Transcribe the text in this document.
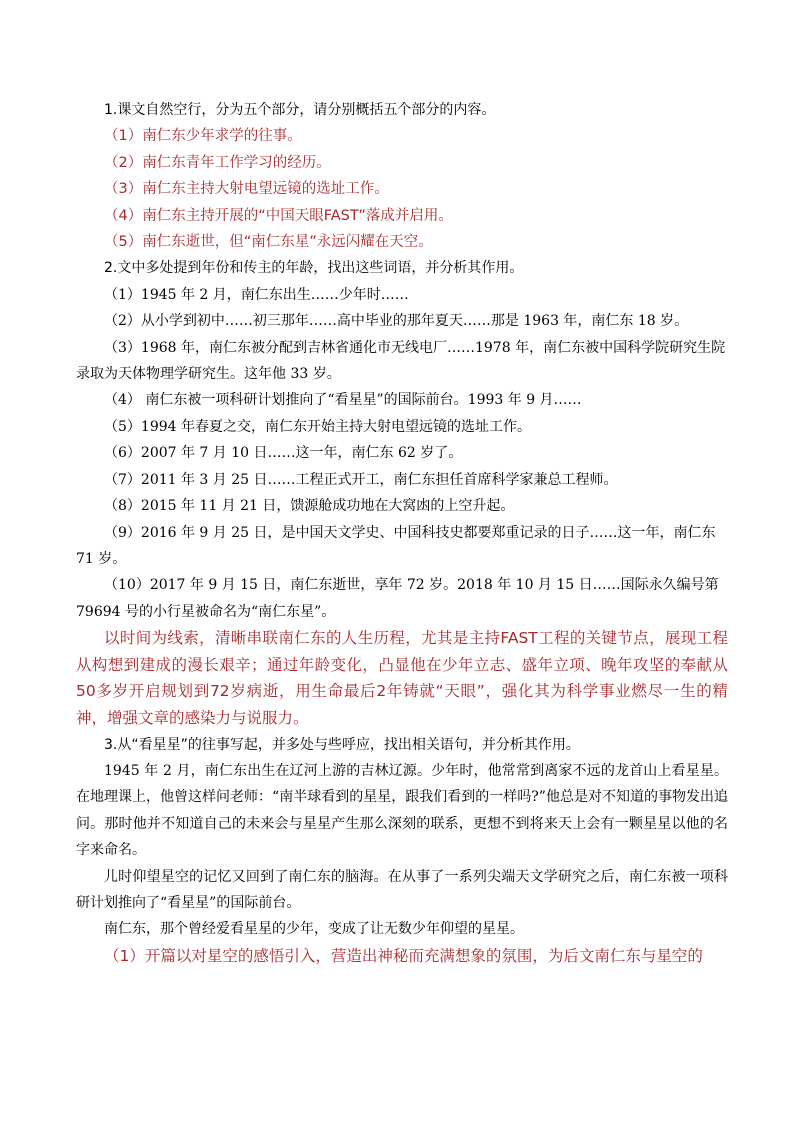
1.课文自然空行，分为五个部分，请分别概括五个部分的内容。

（1）南仁东少年求学的往事。

（2）南仁东青年工作学习的经历。

（3）南仁东主持大射电望远镜的选址工作。

（4）南仁东主持开展的“中国天眼FAST”落成并启用。

（5）南仁东逝世，但“南仁东星”永远闪耀在天空。

2.文中多处提到年份和传主的年龄，找出这些词语，并分析其作用。

（1）1945 年 2 月，南仁东出生……少年时……

（2）从小学到初中……初三那年……高中毕业的那年夏天……那是 1963 年，南仁东 18 岁。

（3）1968 年，南仁东被分配到吉林省通化市无线电厂……1978 年，南仁东被中国科学院研究生院录取为天体物理学研究生。这年他 33 岁。

（4） 南仁东被一项科研计划推向了“看星星”的国际前台。1993 年 9 月……

（5）1994 年春夏之交，南仁东开始主持大射电望远镜的选址工作。

（6）2007 年 7 月 10 日……这一年，南仁东 62 岁了。

（7）2011 年 3 月 25 日……工程正式开工，南仁东担任首席科学家兼总工程师。

（8）2015 年 11 月 21 日，馈源舱成功地在大窝凼的上空升起。

（9）2016 年 9 月 25 日，是中国天文学史、中国科技史都要郑重记录的日子……这一年，南仁东 71 岁。

（10）2017 年 9 月 15 日，南仁东逝世，享年 72 岁。2018 年 10 月 15 日……国际永久编号第 79694 号的小行星被命名为“南仁东星”。

以时间为线索，清晰串联南仁东的人生历程，尤其是主持FAST工程的关键节点，展现工程从构想到建成的漫长艰辛；通过年龄变化，凸显他在少年立志、盛年立项、晚年攻坚的奉献从50多岁开启规划到72岁病逝，用生命最后2年铸就“天眼”，强化其为科学事业燃尽一生的精神，增强文章的感染力与说服力。

3.从“看星星”的往事写起，并多处与些呼应，找出相关语句，并分析其作用。

1945 年 2 月，南仁东出生在辽河上游的吉林辽源。少年时，他常常到离家不远的龙首山上看星星。在地理课上，他曾这样问老师：“南半球看到的星星，跟我们看到的一样吗?”他总是对不知道的事物发出追问。那时他并不知道自己的未来会与星星产生那么深刻的联系，更想不到将来天上会有一颗星星以他的名字来命名。

儿时仰望星空的记忆又回到了南仁东的脑海。在从事了一系列尖端天文学研究之后，南仁东被一项科研计划推向了“看星星”的国际前台。

南仁东，那个曾经爱看星星的少年，变成了让无数少年仰望的星星。

（1）开篇以对星空的感悟引入，营造出神秘而充满想象的氛围，为后文南仁东与星空的
